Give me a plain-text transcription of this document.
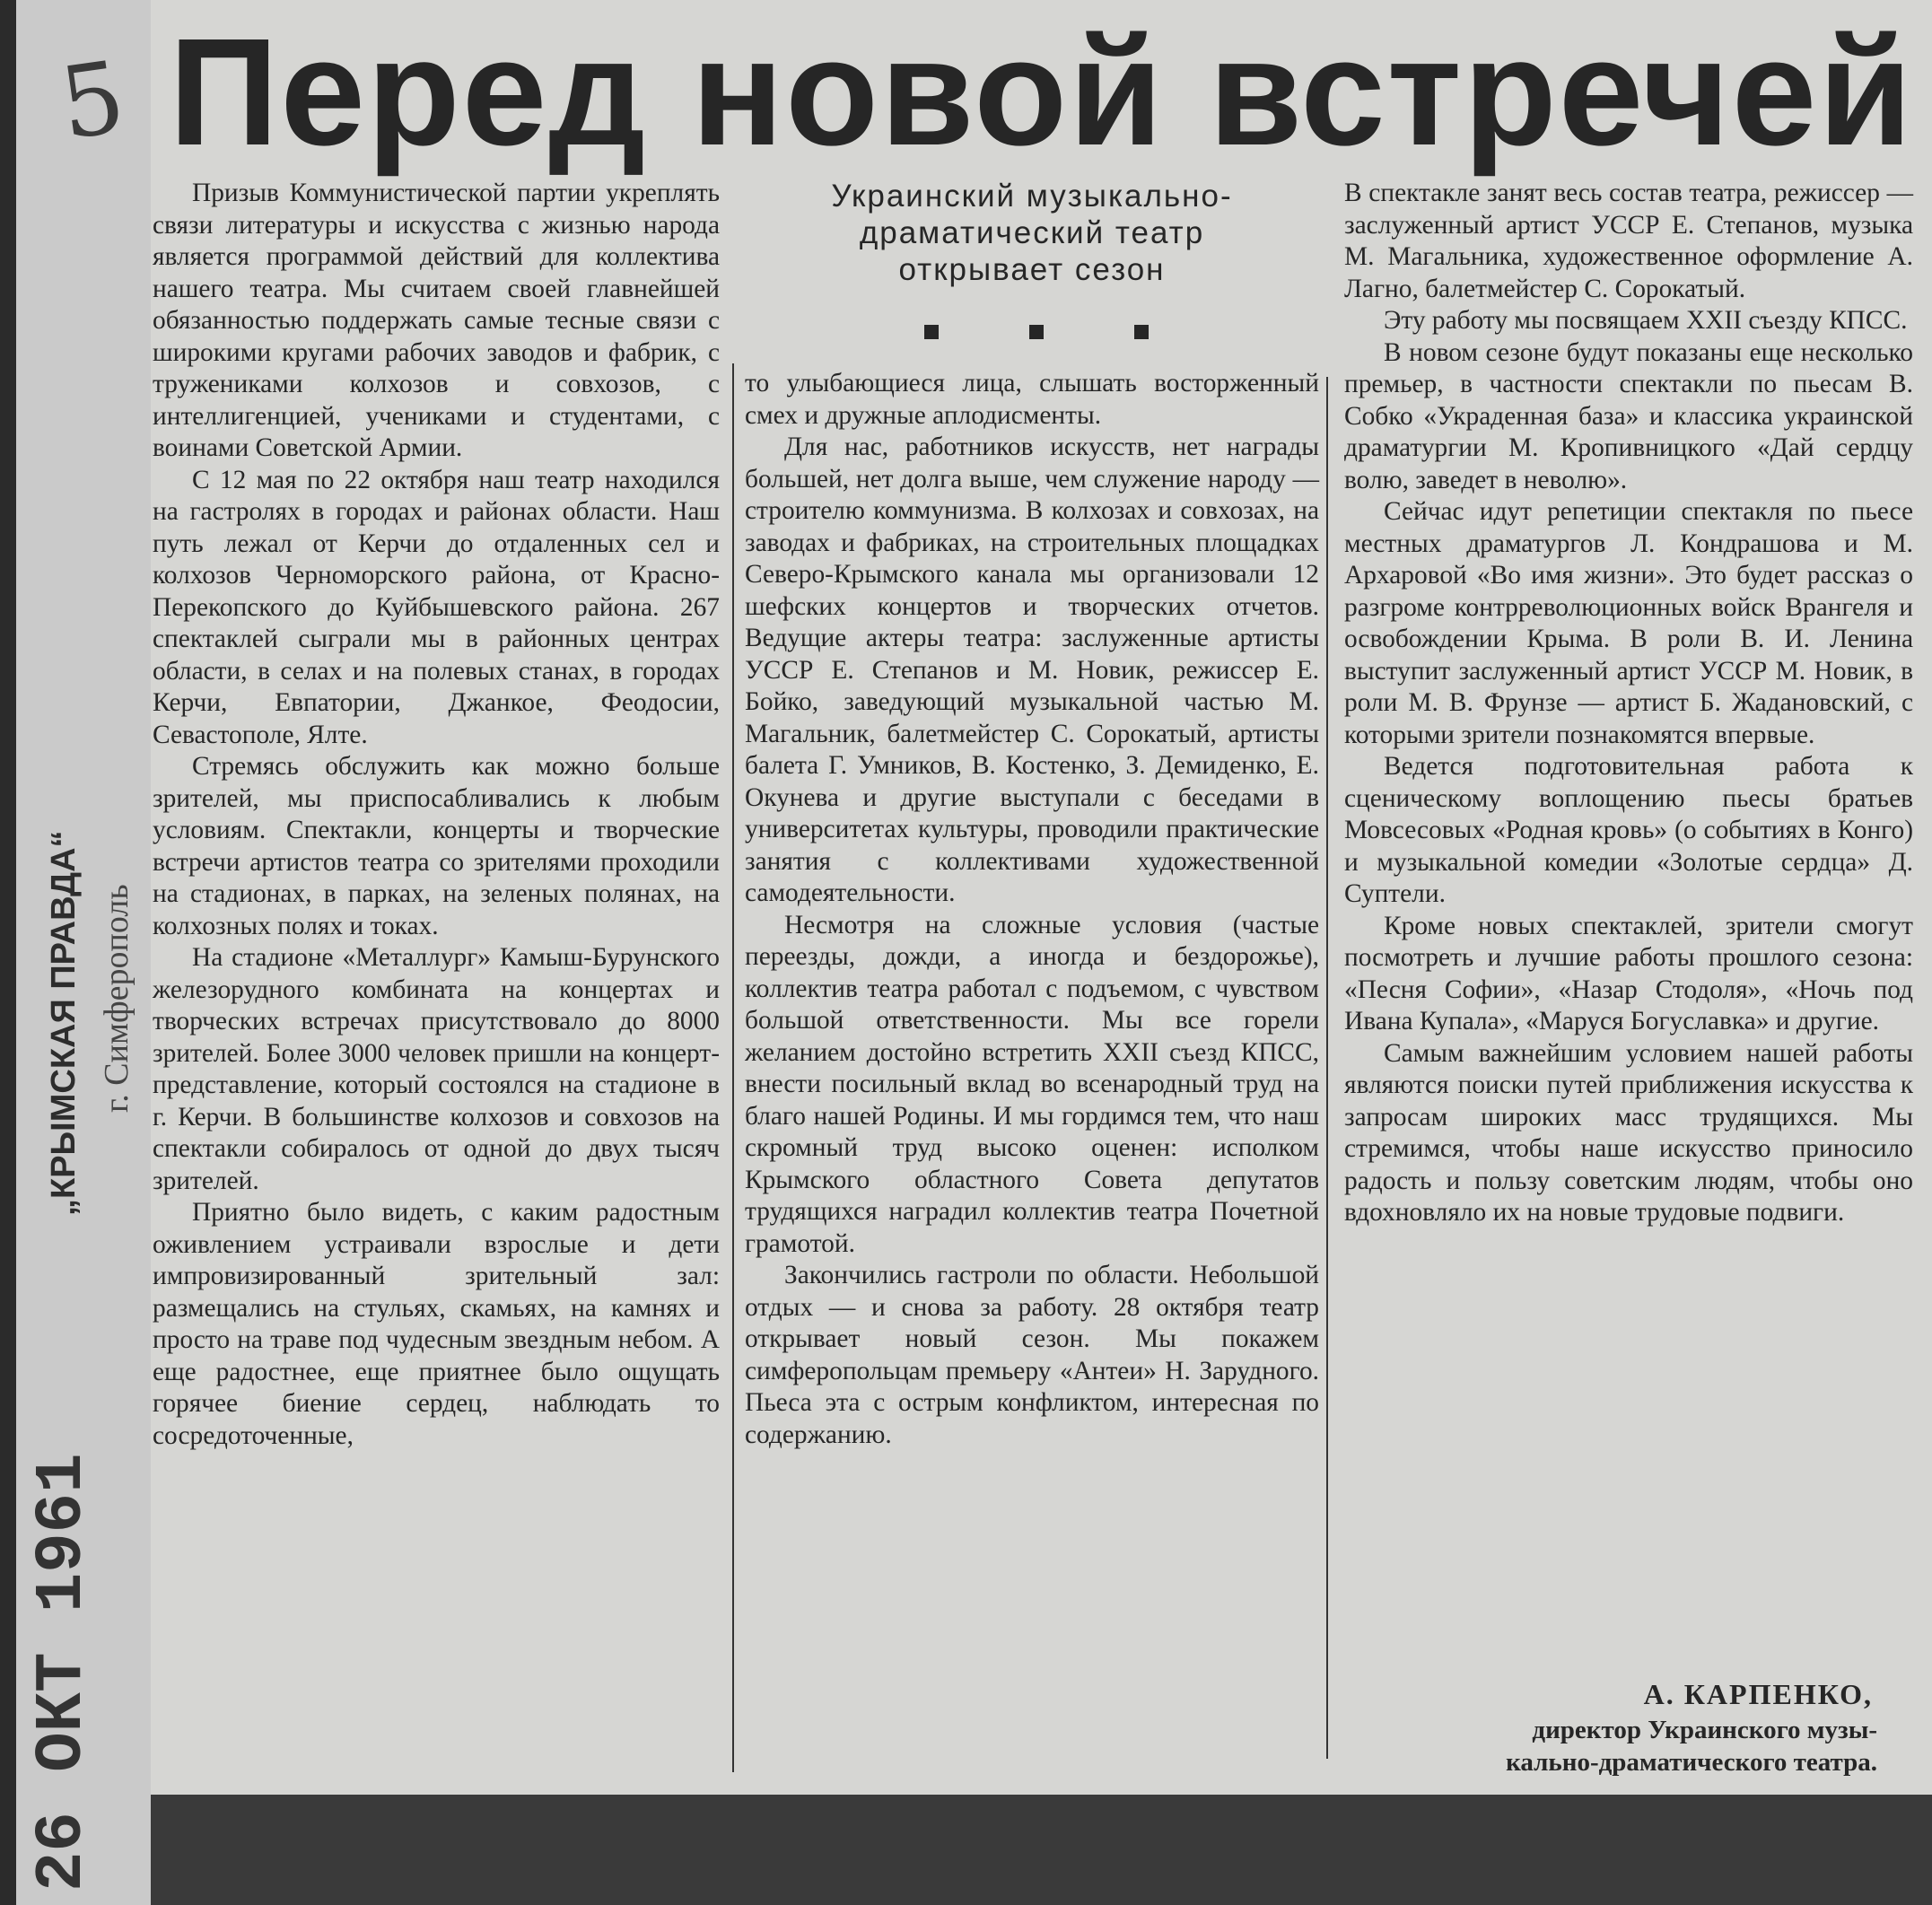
5
„КРЫМСКАЯ ПРАВДА“ г. Симферополь
26 ОКТ 1961
Перед новой встречей
Украинский музыкально-
драматический театр
открывает сезон

Призыв Коммунистической партии укреплять связи литературы и искусства с жизнью народа является программой действий для коллектива нашего театра. Мы считаем своей главнейшей обязанностью поддержать самые тесные связи с широкими кругами рабочих заводов и фабрик, с тружениками колхозов и совхозов, с интеллигенцией, учениками и студентами, с воинами Советской Армии.

С 12 мая по 22 октября наш театр находился на гастролях в городах и районах области. Наш путь лежал от Керчи до отдаленных сел и колхозов Черноморского района, от Красно-Перекопского до Куйбышевского района. 267 спектаклей сыграли мы в районных центрах области, в селах и на полевых станах, в городах Керчи, Евпатории, Джанкое, Феодосии, Севастополе, Ялте.

Стремясь обслужить как можно больше зрителей, мы приспосабливались к любым условиям. Спектакли, концерты и творческие встречи артистов театра со зрителями проходили на стадионах, в парках, на зеленых полянах, на колхозных полях и токах.

На стадионе «Металлург» Камыш-Бурунского железорудного комбината на концертах и творческих встречах присутствовало до 8000 зрителей. Более 3000 человек пришли на концерт-представление, который состоялся на стадионе в г. Керчи. В большинстве колхозов и совхозов на спектакли собиралось от одной до двух тысяч зрителей.

Приятно было видеть, с каким радостным оживлением устраивали взрослые и дети импровизированный зрительный зал: размещались на стульях, скамьях, на камнях и просто на траве под чудесным звездным небом. А еще радостнее, еще приятнее было ощущать горячее биение сердец, наблюдать то сосредоточенные,

то улыбающиеся лица, слышать восторженный смех и дружные аплодисменты.

Для нас, работников искусств, нет награды большей, нет долга выше, чем служение народу — строителю коммунизма. В колхозах и совхозах, на заводах и фабриках, на строительных площадках Северо-Крымского канала мы организовали 12 шефских концертов и творческих отчетов. Ведущие актеры театра: заслуженные артисты УССР Е. Степанов и М. Новик, режиссер Е. Бойко, заведующий музыкальной частью М. Магальник, балетмейстер С. Сорокатый, артисты балета Г. Умников, В. Костенко, З. Демиденко, Е. Окунева и другие выступали с беседами в университетах культуры, проводили практические занятия с коллективами художественной самодеятельности.

Несмотря на сложные условия (частые переезды, дожди, а иногда и бездорожье), коллектив театра работал с подъемом, с чувством большой ответственности. Мы все горели желанием достойно встретить XXII съезд КПСС, внести посильный вклад во всенародный труд на благо нашей Родины. И мы гордимся тем, что наш скромный труд высоко оценен: исполком Крымского областного Совета депутатов трудящихся наградил коллектив театра Почетной грамотой.

Закончились гастроли по области. Небольшой отдых — и снова за работу. 28 октября театр открывает новый сезон. Мы покажем симферопольцам премьеру «Антеи» Н. Зарудного. Пьеса эта с острым конфликтом, интересная по содержанию.

В спектакле занят весь состав театра, режиссер — заслуженный артист УССР Е. Степанов, музыка М. Магальника, художественное оформление А. Лагно, балетмейстер С. Сорокатый.

Эту работу мы посвящаем XXII съезду КПСС.

В новом сезоне будут показаны еще несколько премьер, в частности спектакли по пьесам В. Собко «Украденная база» и классика украинской драматургии М. Кропивницкого «Дай сердцу волю, заведет в неволю».

Сейчас идут репетиции спектакля по пьесе местных драматургов Л. Кондрашова и М. Архаровой «Во имя жизни». Это будет рассказ о разгроме контрреволюционных войск Врангеля и освобождении Крыма. В роли В. И. Ленина выступит заслуженный артист УССР М. Новик, в роли М. В. Фрунзе — артист Б. Жадановский, с которыми зрители познакомятся впервые.

Ведется подготовительная работа к сценическому воплощению пьесы братьев Мовсесовых «Родная кровь» (о событиях в Конго) и музыкальной комедии «Золотые сердца» Д. Суптели.

Кроме новых спектаклей, зрители смогут посмотреть и лучшие работы прошлого сезона: «Песня Софии», «Назар Стодоля», «Ночь под Ивана Купала», «Маруся Богуславка» и другие.

Самым важнейшим условием нашей работы являются поиски путей приближения искусства к запросам широких масс трудящихся. Мы стремимся, чтобы наше искусство приносило радость и пользу советским людям, чтобы оно вдохновляло их на новые трудовые подвиги.

А. КАРПЕНКО,
директор Украинского музы-
кально-драматического театра.
